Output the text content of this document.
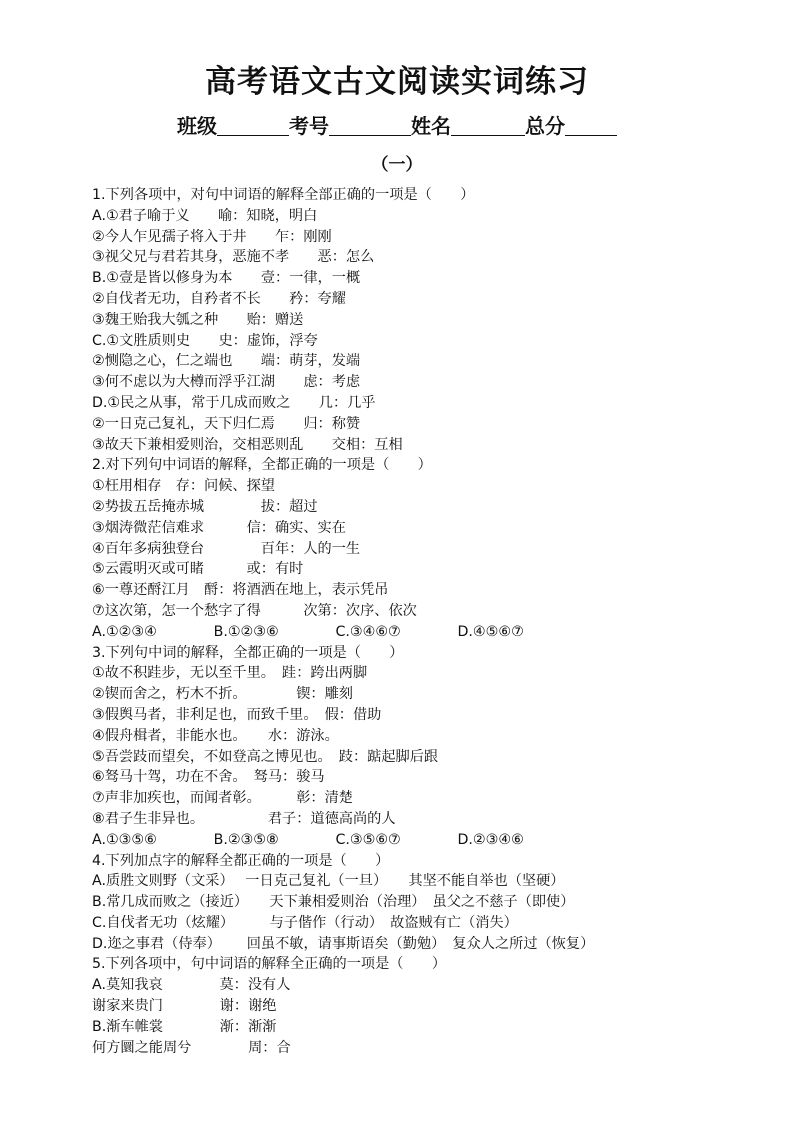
高考语文古文阅读实词练习
班级	考号	姓名	总分
（一）
1.下列各项中，对句中词语的解释全部正确的一项是（　　）
A.①君子喻于义　　喻：知晓，明白
②今人乍见孺子将入于井　　乍：刚刚
③视父兄与君若其身，恶施不孝　　恶：怎么
B.①壹是皆以修身为本　　壹：一律，一概
②自伐者无功，自矜者不长　　矜：夸耀
③魏王贻我大瓠之种　　贻：赠送
C.①文胜质则史　　史：虚饰，浮夸
②恻隐之心，仁之端也　　端：萌芽，发端
③何不虑以为大樽而浮乎江湖　　虑：考虑
D.①民之从事，常于几成而败之　　几：几乎
②一日克己复礼，天下归仁焉　　归：称赞
③故天下兼相爱则治，交相恶则乱　　交相：互相
2.对下列句中词语的解释，全都正确的一项是（　　）
①枉用相存　存：问候、探望
②势拔五岳掩赤城　　　　拔：超过
③烟涛微茫信难求　　　信：确实、实在
④百年多病独登台　　　　百年：人的一生
⑤云霞明灭或可睹　　　或：有时
⑥一尊还酹江月　酹：将酒洒在地上，表示凭吊
⑦这次第，怎一个愁字了得　　　次第：次序、依次
A.①②③④　　　　B.①②③⑥　　　　C.③④⑥⑦　　　　D.④⑤⑥⑦
3.下列句中词的解释，全都正确的一项是（　　）
①故不积跬步，无以至千里。　跬：跨出两脚
②锲而舍之，朽木不折。　　　　锲：雕刻
③假舆马者，非利足也，而致千里。　假：借助
④假舟楫者，非能水也。　　水：游泳。
⑤吾尝跂而望矣，不如登高之博见也。　跂：踮起脚后跟
⑥驽马十驾，功在不舍。　驽马：骏马
⑦声非加疾也，而闻者彰。　　　彰：清楚
⑧君子生非异也。　　　　　君子：道德高尚的人
A.①③⑤⑥　　　　B.②③⑤⑧　　　　C.③⑤⑥⑦　　　　D.②③④⑥
4.下列加点字的解释全都正确的一项是（　　）
A.质胜文则野（文采）　 一日克己复礼（一旦）　　其坚不能自举也（坚硬）
B.常几成而败之（接近）　　天下兼相爱则治（治理）　虽父之不慈子（即使）
C.自伐者无功（炫耀）　　　与子偕作（行动）　故盗贼有亡（消失）
D.迩之事君（侍奉）　　 回虽不敏，请事斯语矣（勤勉）　复众人之所过（恢复）
5.下列各项中，句中词语的解释全正确的一项是（　　）
A.莫知我哀　　　　莫：没有人
谢家来贵门　　　　谢：谢绝
B.渐车帷裳　　　　渐：渐渐
何方圜之能周兮　　　　周：合
